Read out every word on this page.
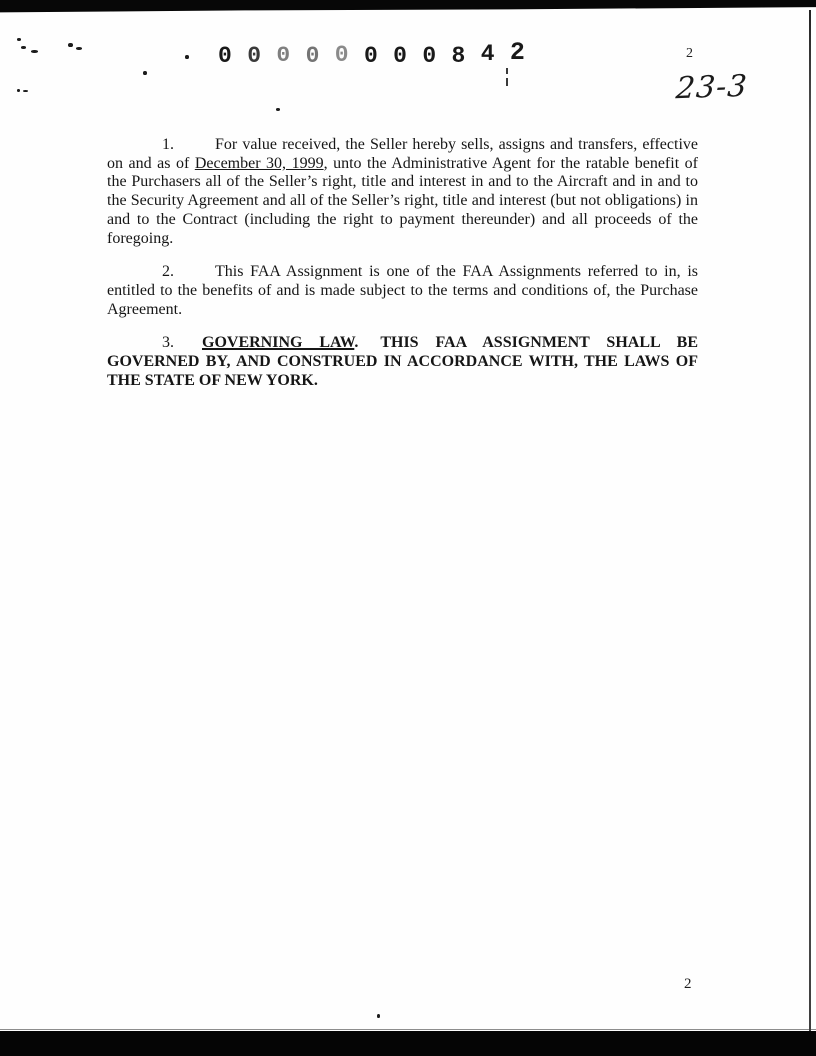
0 0 0 0 0 0 0 0 8 4 2	2
23-3

1.	For value received, the Seller hereby sells, assigns and transfers, effective on and as of December 30, 1999, unto the Administrative Agent for the ratable benefit of the Purchasers all of the Seller’s right, title and interest in and to the Aircraft and in and to the Security Agreement and all of the Seller’s right, title and interest (but not obligations) in and to the Contract (including the right to payment thereunder) and all proceeds of the foregoing.

2.	This FAA Assignment is one of the FAA Assignments referred to in, is entitled to the benefits of and is made subject to the terms and conditions of, the Purchase Agreement.

3. GOVERNING LAW. THIS FAA ASSIGNMENT SHALL BE GOVERNED BY, AND CONSTRUED IN ACCORDANCE WITH, THE LAWS OF THE STATE OF NEW YORK.

2
